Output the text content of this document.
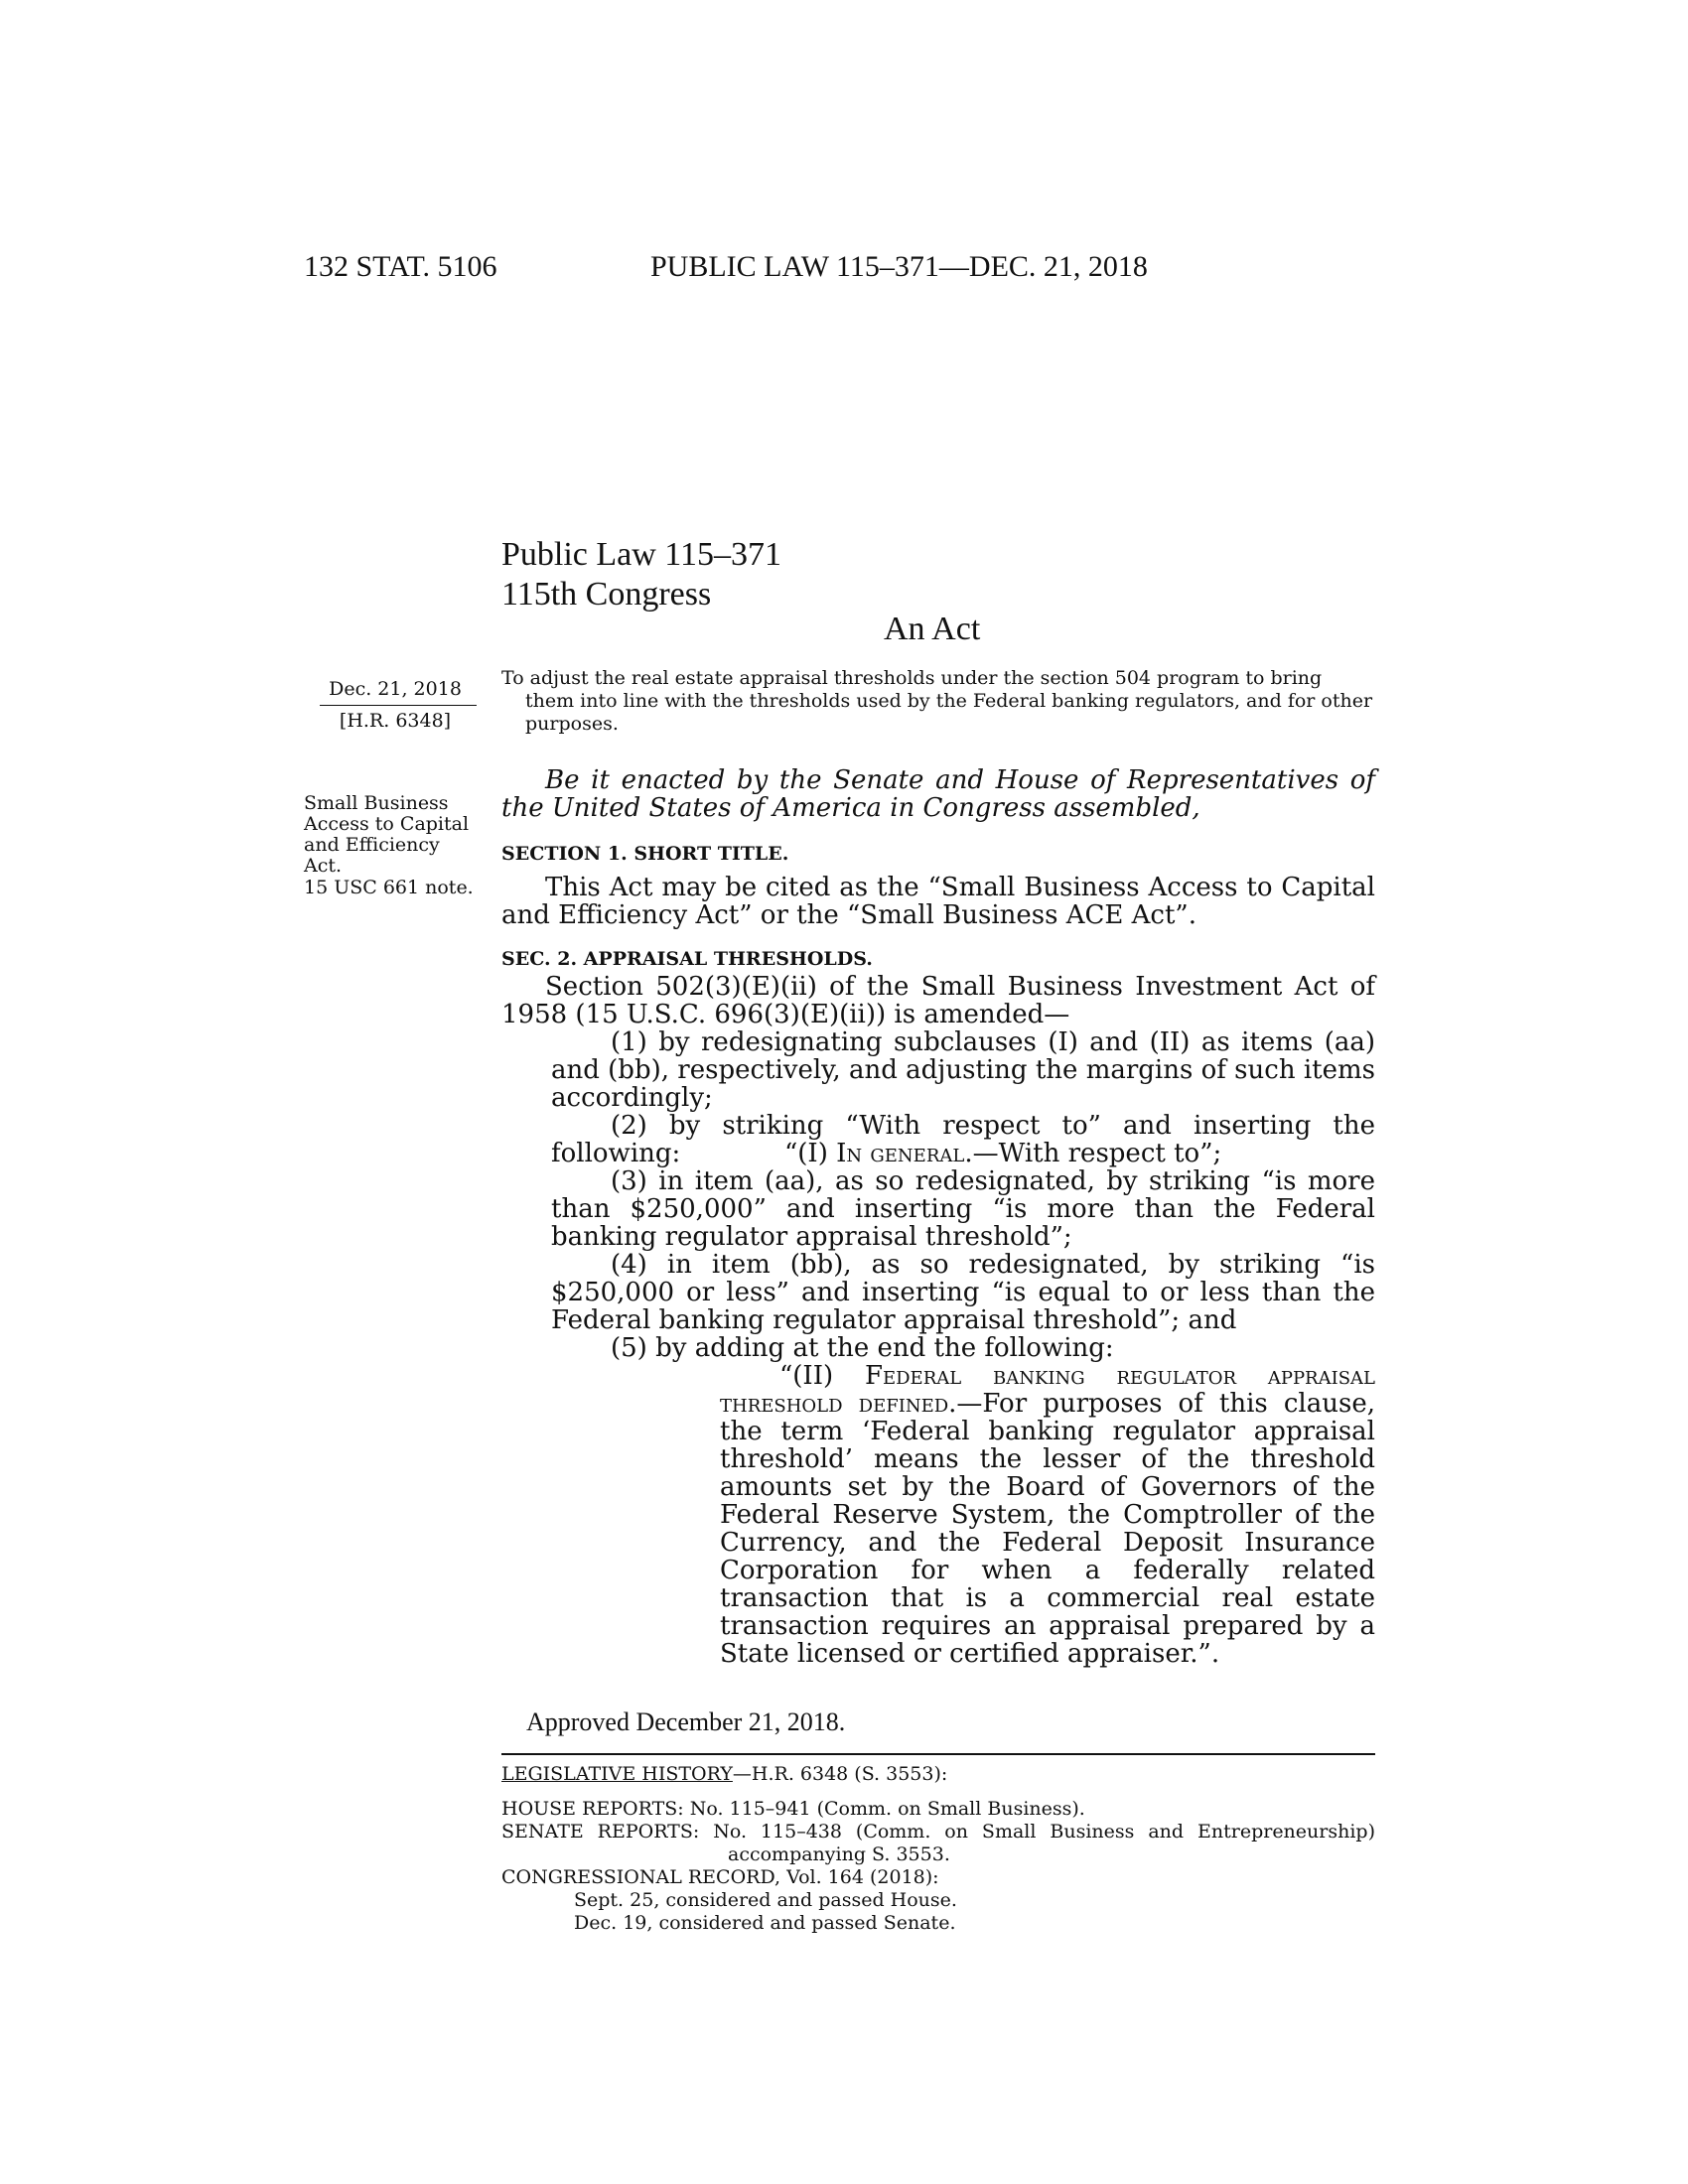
132 STAT. 5106	PUBLIC LAW 115–371—DEC. 21, 2018
Public Law 115–371
115th Congress
An Act
Dec. 21, 2018
[H.R. 6348]
Small Business
Access to Capital
and Efficiency
Act.
15 USC 661 note.
To adjust the real estate appraisal thresholds under the section 504 program to bring them into line with the thresholds used by the Federal banking regulators, and for other purposes.
Be it enacted by the Senate and House of Representatives of the United States of America in Congress assembled,
SECTION 1. SHORT TITLE.
This Act may be cited as the “Small Business Access to Capital and Efficiency Act” or the “Small Business ACE Act”.
SEC. 2. APPRAISAL THRESHOLDS.
Section 502(3)(E)(ii) of the Small Business Investment Act of 1958 (15 U.S.C. 696(3)(E)(ii)) is amended—
(1) by redesignating subclauses (I) and (II) as items (aa) and (bb), respectively, and adjusting the margins of such items accordingly;
(2) by striking “With respect to” and inserting the following:	“(I) In general.—With respect to”;
(3) in item (aa), as so redesignated, by striking “is more than $250,000” and inserting “is more than the Federal banking regulator appraisal threshold”;
(4) in item (bb), as so redesignated, by striking “is $250,000 or less” and inserting “is equal to or less than the Federal banking regulator appraisal threshold”; and
(5) by adding at the end the following:
“(II) Federal banking regulator appraisal threshold defined.—For purposes of this clause, the term ‘Federal banking regulator appraisal threshold’ means the lesser of the threshold amounts set by the Board of Governors of the Federal Reserve System, the Comptroller of the Currency, and the Federal Deposit Insurance Corporation for when a federally related transaction that is a commercial real estate transaction requires an appraisal prepared by a State licensed or certified appraiser.”.
Approved December 21, 2018.
LEGISLATIVE HISTORY—H.R. 6348 (S. 3553):
HOUSE REPORTS: No. 115–941 (Comm. on Small Business).
SENATE REPORTS: No. 115–438 (Comm. on Small Business and Entrepreneurship) accompanying S. 3553.
CONGRESSIONAL RECORD, Vol. 164 (2018):
Sept. 25, considered and passed House.
Dec. 19, considered and passed Senate.
